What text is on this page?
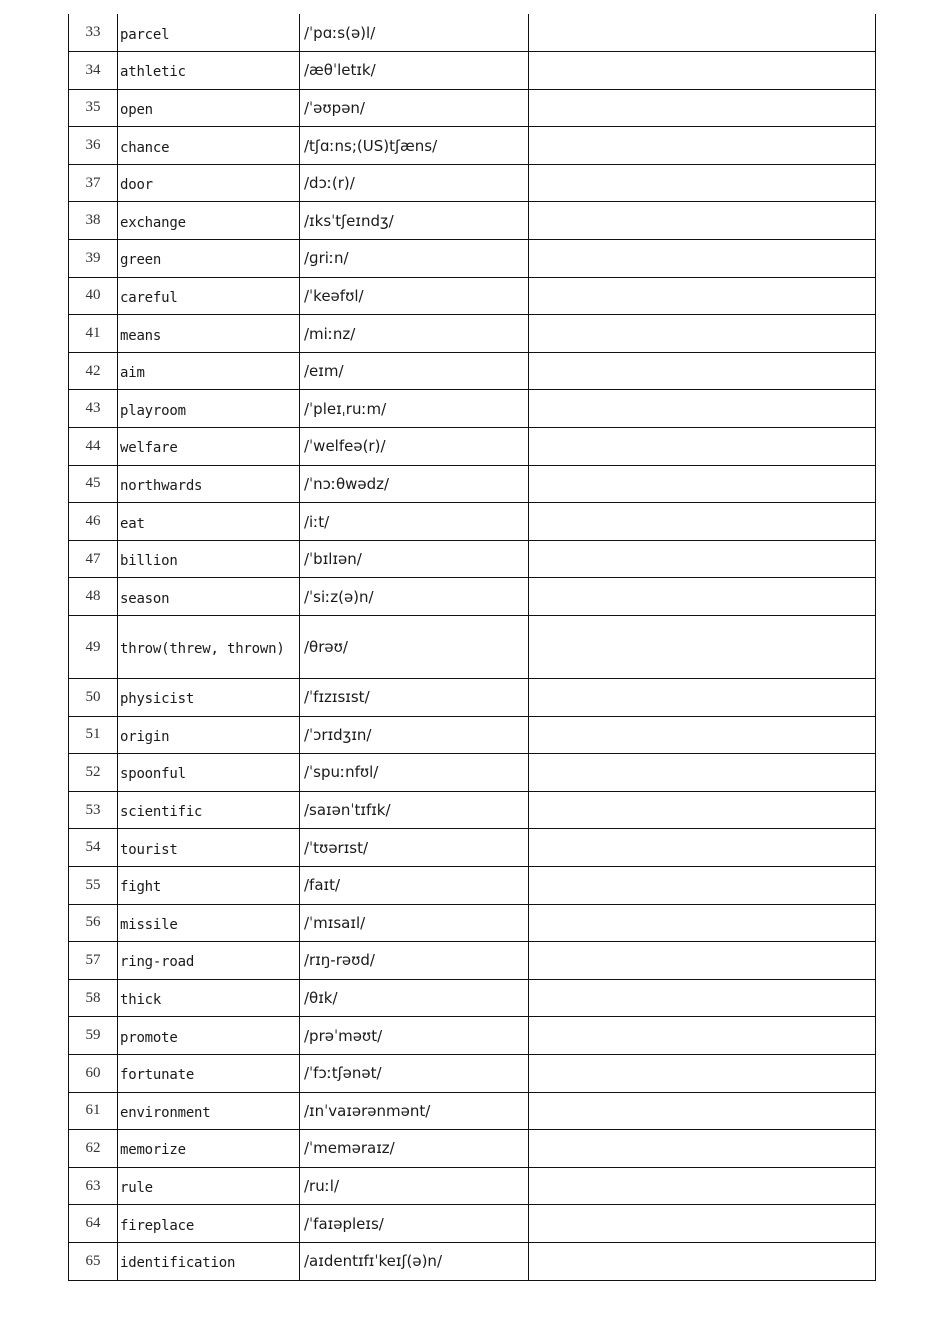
33	parcel	/ˈpɑːs(ə)l/	
34	athletic	/æθˈletɪk/	
35	open	/ˈəʊpən/	
36	chance	/tʃɑːns;(US)tʃæns/	
37	door	/dɔː(r)/	
38	exchange	/ɪksˈtʃeɪndʒ/	
39	green	/ɡriːn/	
40	careful	/ˈkeəfʊl/	
41	means	/miːnz/	
42	aim	/eɪm/	
43	playroom	/ˈpleɪˌruːm/	
44	welfare	/ˈwelfeə(r)/	
45	northwards	/ˈnɔːθwədz/	
46	eat	/iːt/	
47	billion	/ˈbɪlɪən/	
48	season	/ˈsiːz(ə)n/	
49	throw(threw, thrown)	/θrəʊ/	
50	physicist	/ˈfɪzɪsɪst/	
51	origin	/ˈɔrɪdʒɪn/	
52	spoonful	/ˈspuːnfʊl/	
53	scientific	/saɪənˈtɪfɪk/	
54	tourist	/ˈtʊərɪst/	
55	fight	/faɪt/	
56	missile	/ˈmɪsaɪl/	
57	ring-road	/rɪŋ-rəʊd/	
58	thick	/θɪk/	
59	promote	/prəˈməʊt/	
60	fortunate	/ˈfɔːtʃənət/	
61	environment	/ɪnˈvaɪərənmənt/	
62	memorize	/ˈmeməraɪz/	
63	rule	/ruːl/	
64	fireplace	/ˈfaɪəpleɪs/	
65	identification	/aɪdentɪfɪˈkeɪʃ(ə)n/	
